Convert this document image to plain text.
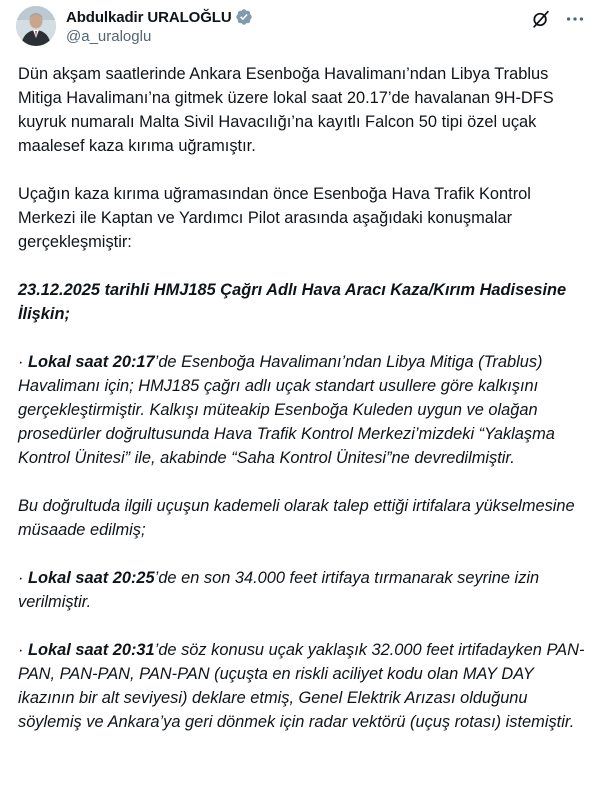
Abdulkadir URALOĞLU
@a_uraloglu

Dün akşam saatlerinde Ankara Esenboğa Havalimanı’ndan Libya Trablus Mitiga Havalimanı’na gitmek üzere lokal saat 20.17’de havalanan 9H-DFS kuyruk numaralı Malta Sivil Havacılığı’na kayıtlı Falcon 50 tipi özel uçak maalesef kaza kırıma uğramıştır.

Uçağın kaza kırıma uğramasından önce Esenboğa Hava Trafik Kontrol Merkezi ile Kaptan ve Yardımcı Pilot arasında aşağıdaki konuşmalar gerçekleşmiştir:

23.12.2025 tarihli HMJ185 Çağrı Adlı Hava Aracı Kaza/Kırım Hadisesine İlişkin;

· Lokal saat 20:17’de Esenboğa Havalimanı’ndan Libya Mitiga (Trablus) Havalimanı için; HMJ185 çağrı adlı uçak standart usullere göre kalkışını gerçekleştirmiştir. Kalkışı müteakip Esenboğa Kuleden uygun ve olağan prosedürler doğrultusunda Hava Trafik Kontrol Merkezi’mizdeki “Yaklaşma Kontrol Ünitesi” ile, akabinde “Saha Kontrol Ünitesi”ne devredilmiştir.

Bu doğrultuda ilgili uçuşun kademeli olarak talep ettiği irtifalara yükselmesine müsaade edilmiş;

· Lokal saat 20:25’de en son 34.000 feet irtifaya tırmanarak seyrine izin verilmiştir.

· Lokal saat 20:31’de söz konusu uçak yaklaşık 32.000 feet irtifadayken PAN-PAN, PAN-PAN, PAN-PAN (uçuşta en riskli aciliyet kodu olan MAY DAY ikazının bir alt seviyesi) deklare etmiş, Genel Elektrik Arızası olduğunu söylemiş ve Ankara’ya geri dönmek için radar vektörü (uçuş rotası) istemiştir.
